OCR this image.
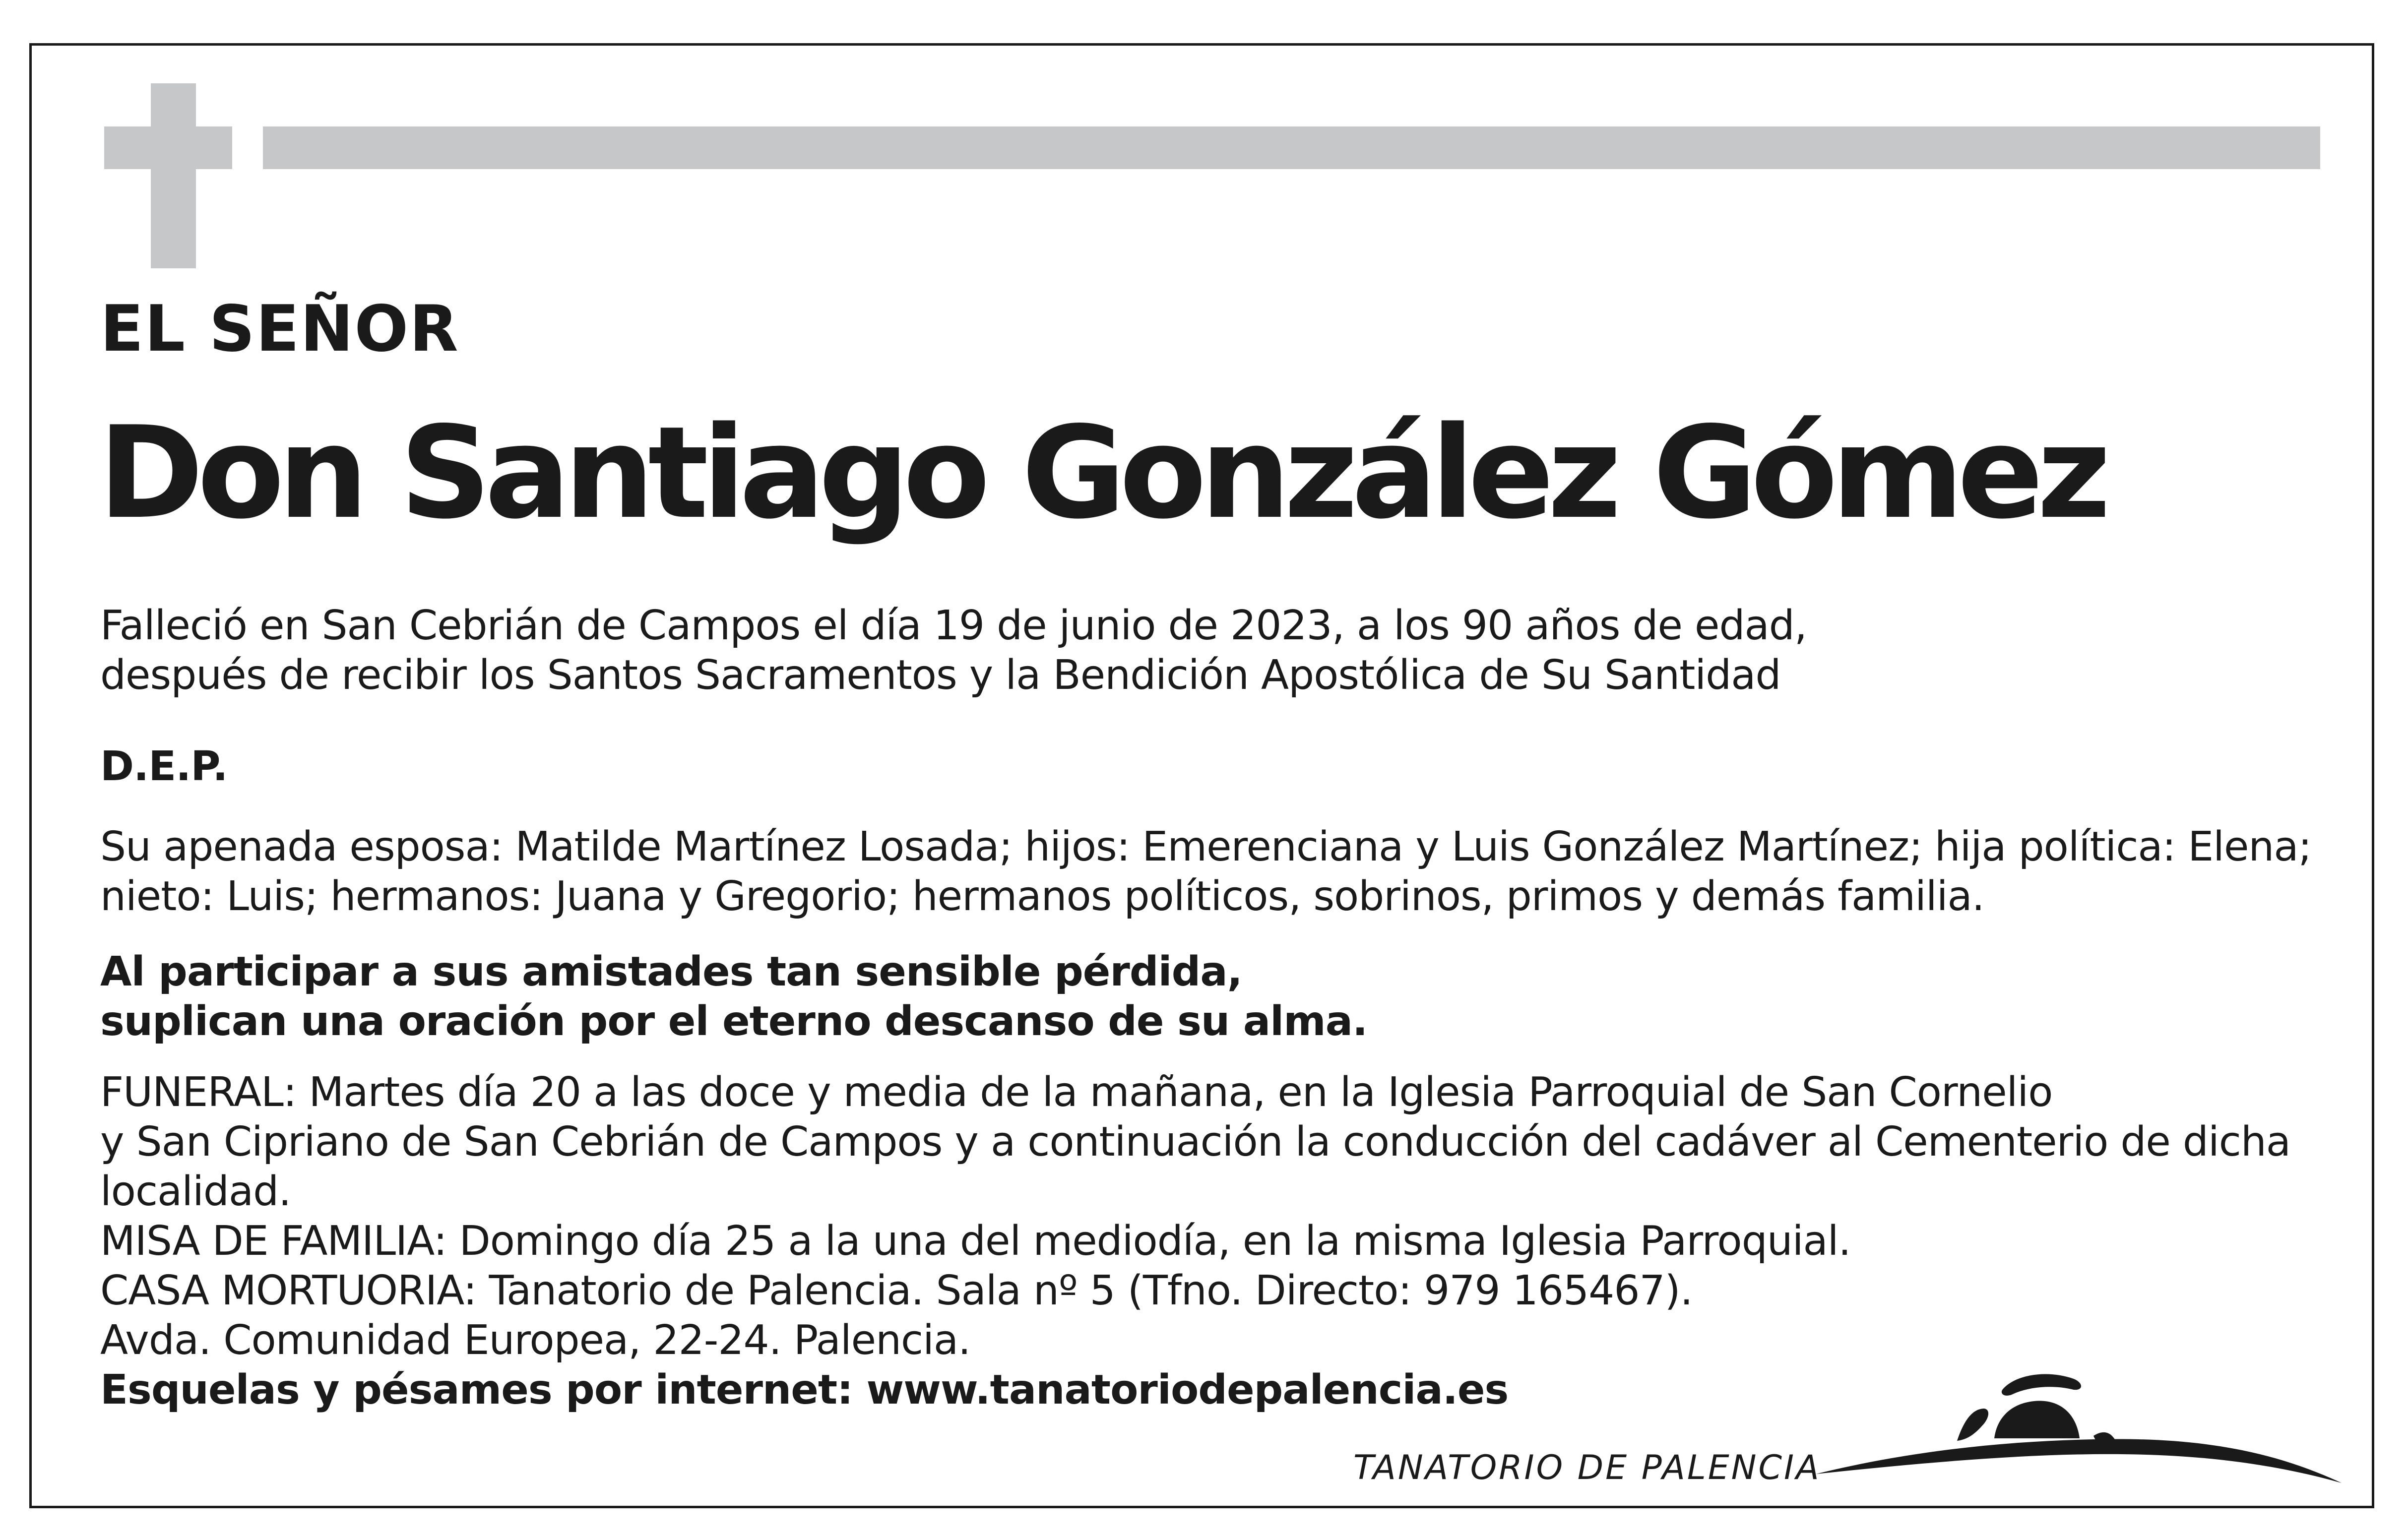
EL SEÑOR
Don Santiago González Gómez
Falleció en San Cebrián de Campos el día 19 de junio de 2023, a los 90 años de edad,
después de recibir los Santos Sacramentos y la Bendición Apostólica de Su Santidad
D.E.P.
Su apenada esposa: Matilde Martínez Losada; hijos: Emerenciana y Luis González Martínez; hija política: Elena;
nieto: Luis; hermanos: Juana y Gregorio; hermanos políticos, sobrinos, primos y demás familia.
Al participar a sus amistades tan sensible pérdida,
suplican una oración por el eterno descanso de su alma.
FUNERAL: Martes día 20 a las doce y media de la mañana, en la Iglesia Parroquial de San Cornelio
y San Cipriano de San Cebrián de Campos y a continuación la conducción del cadáver al Cementerio de dicha
localidad.
MISA DE FAMILIA: Domingo día 25 a la una del mediodía, en la misma Iglesia Parroquial.
CASA MORTUORIA: Tanatorio de Palencia. Sala nº 5 (Tfno. Directo: 979 165467).
Avda. Comunidad Europea, 22-24. Palencia.
Esquelas y pésames por internet: www.tanatoriodepalencia.es
TANATORIO DE PALENCIA
